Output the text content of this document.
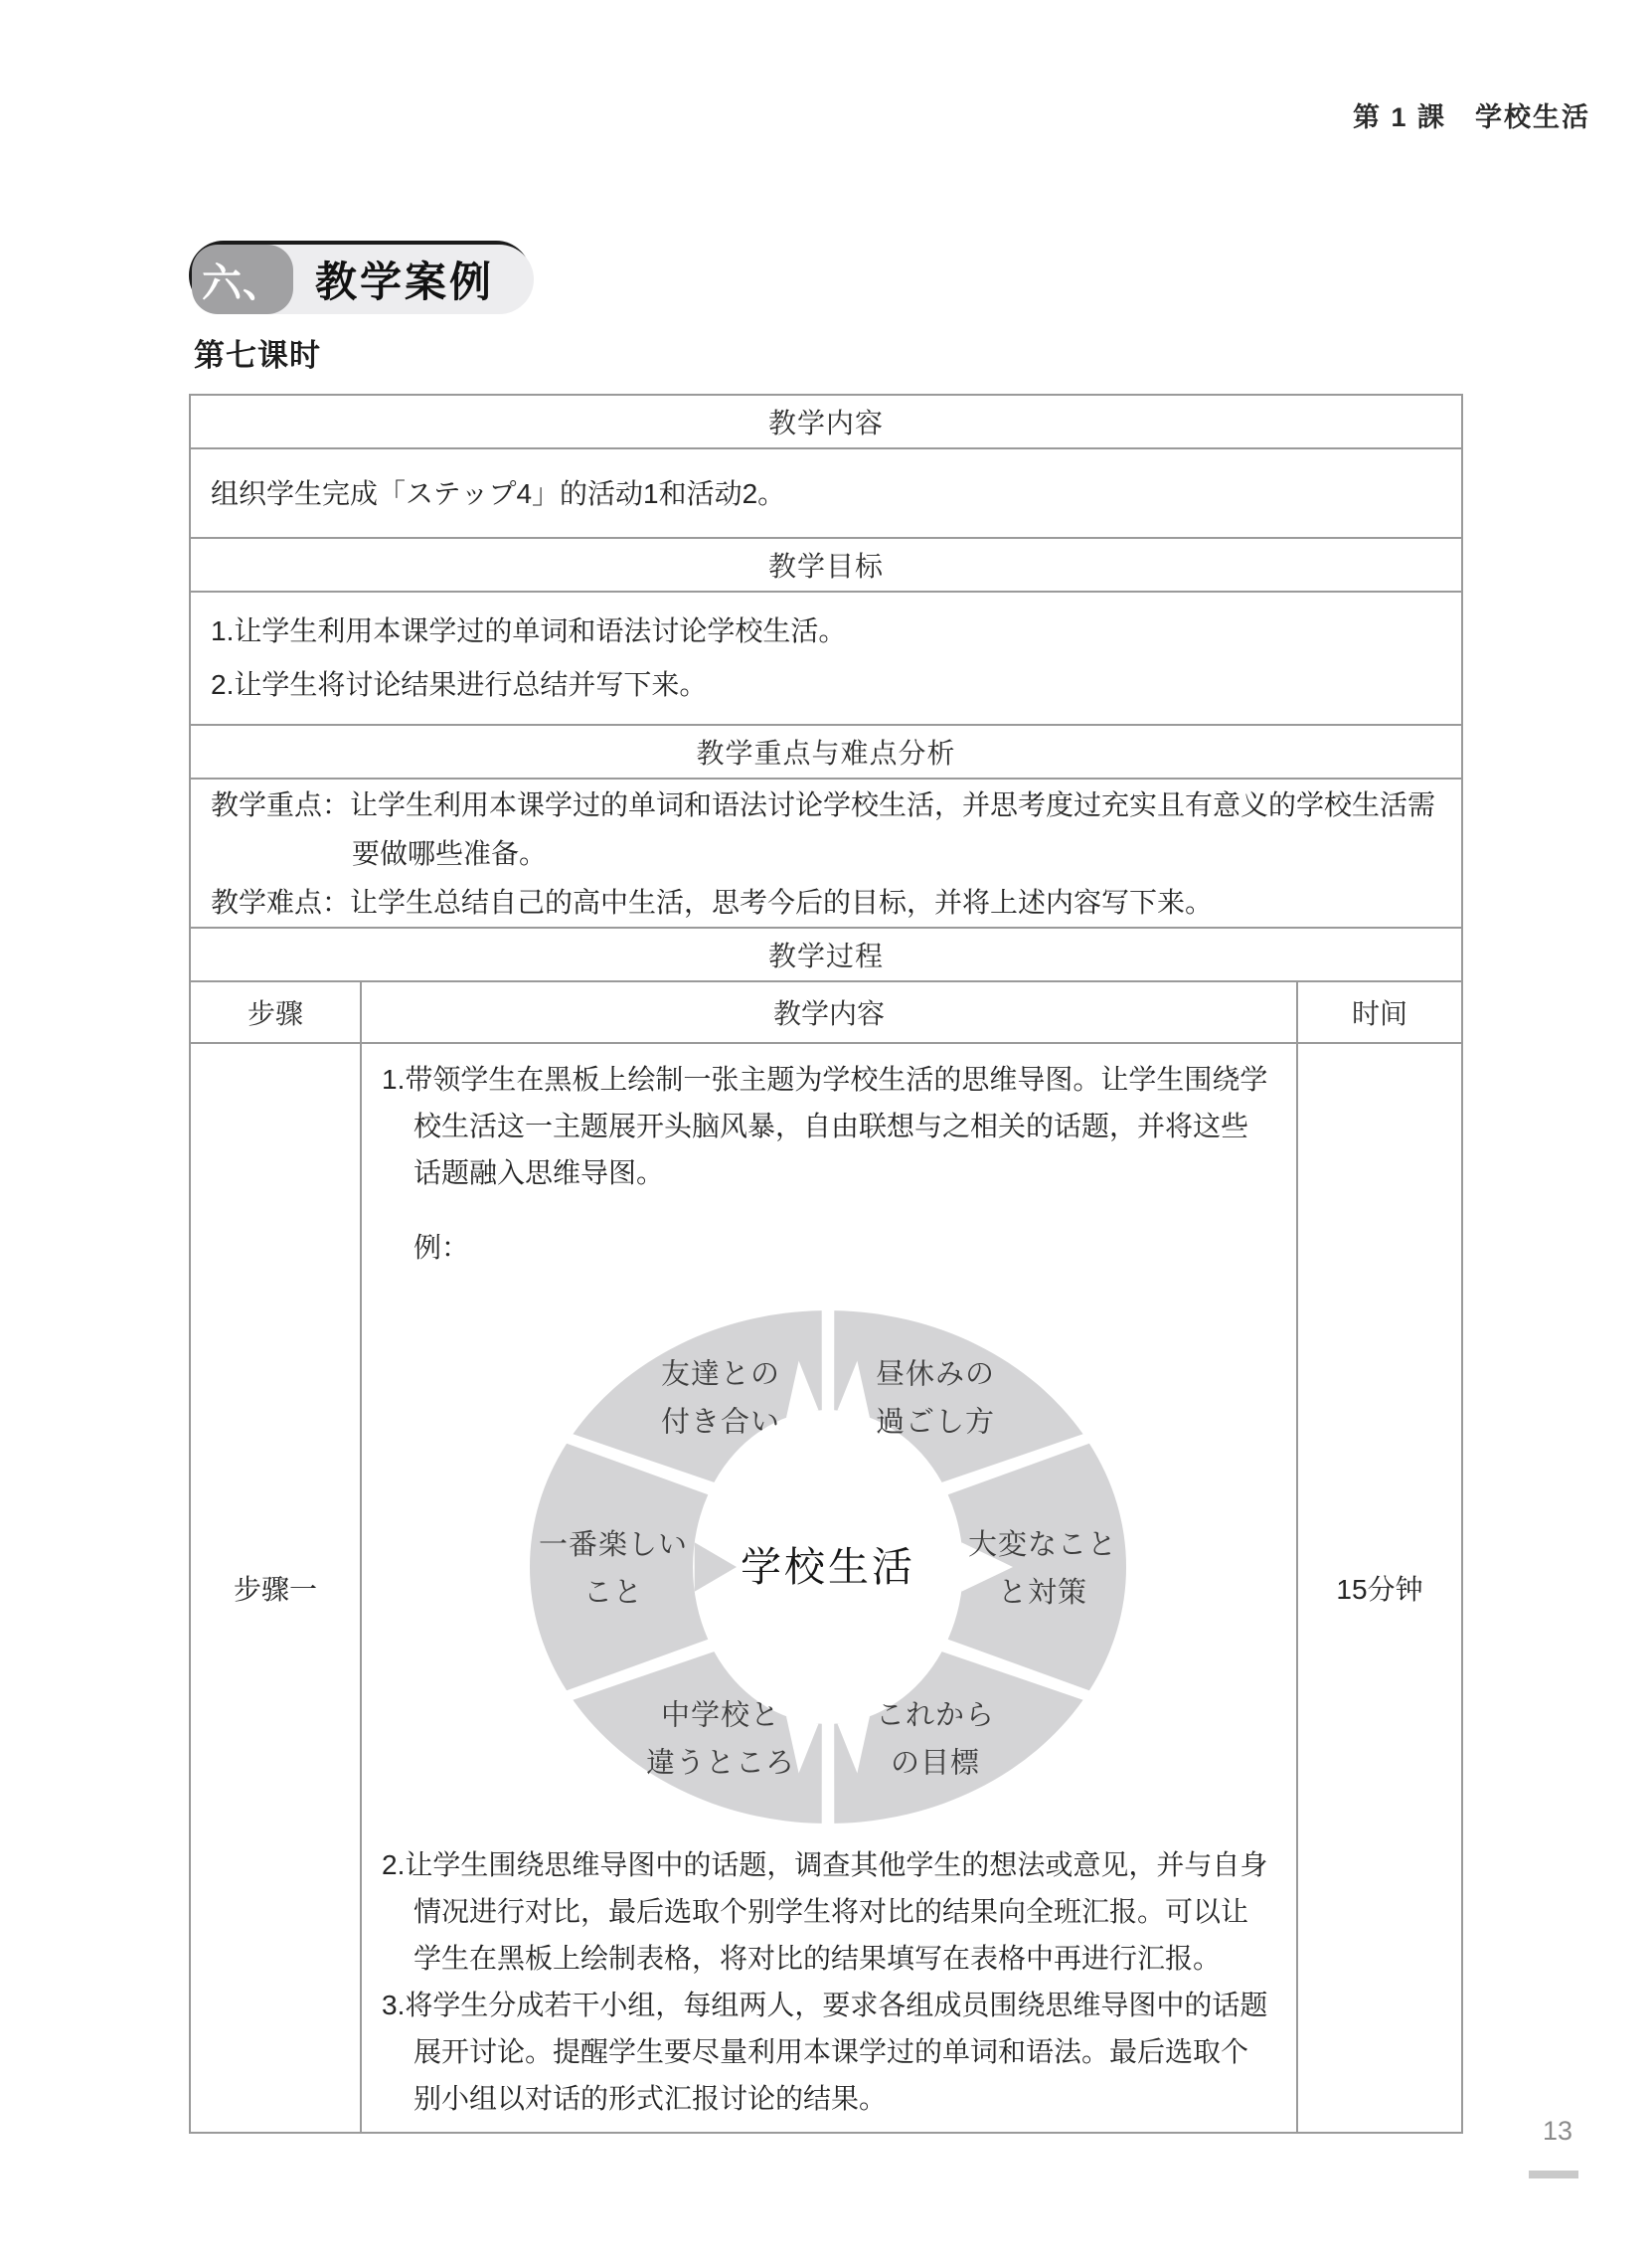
第 1 課　学校生活
六、 教学案例
第七课时
教学内容
组织学生完成「ステップ4」的活动1和活动2。
教学目标
1.让学生利用本课学过的单词和语法讨论学校生活。
2.让学生将讨论结果进行总结并写下来。
教学重点与难点分析
教学重点：让学生利用本课学过的单词和语法讨论学校生活，并思考度过充实且有意义的学校生活需要做哪些准备。
教学难点：让学生总结自己的高中生活，思考今后的目标，并将上述内容写下来。
教学过程
步骤	教学内容	时间
步骤一

1.带领学生在黑板上绘制一张主题为学校生活的思维导图。让学生围绕学校生活这一主题展开头脑风暴，自由联想与之相关的话题，并将这些话题融入思维导图。

例：

友達との付き合い
昼休みの過ごし方
大変なことと対策
これからの目標
中学校と違うところ
一番楽しいこと
学校生活

2.让学生围绕思维导图中的话题，调查其他学生的想法或意见，并与自身情况进行对比，最后选取个别学生将对比的结果向全班汇报。可以让学生在黑板上绘制表格，将对比的结果填写在表格中再进行汇报。

3.将学生分成若干小组，每组两人，要求各组成员围绕思维导图中的话题展开讨论。提醒学生要尽量利用本课学过的单词和语法。最后选取个别小组以对话的形式汇报讨论的结果。

15分钟
13
